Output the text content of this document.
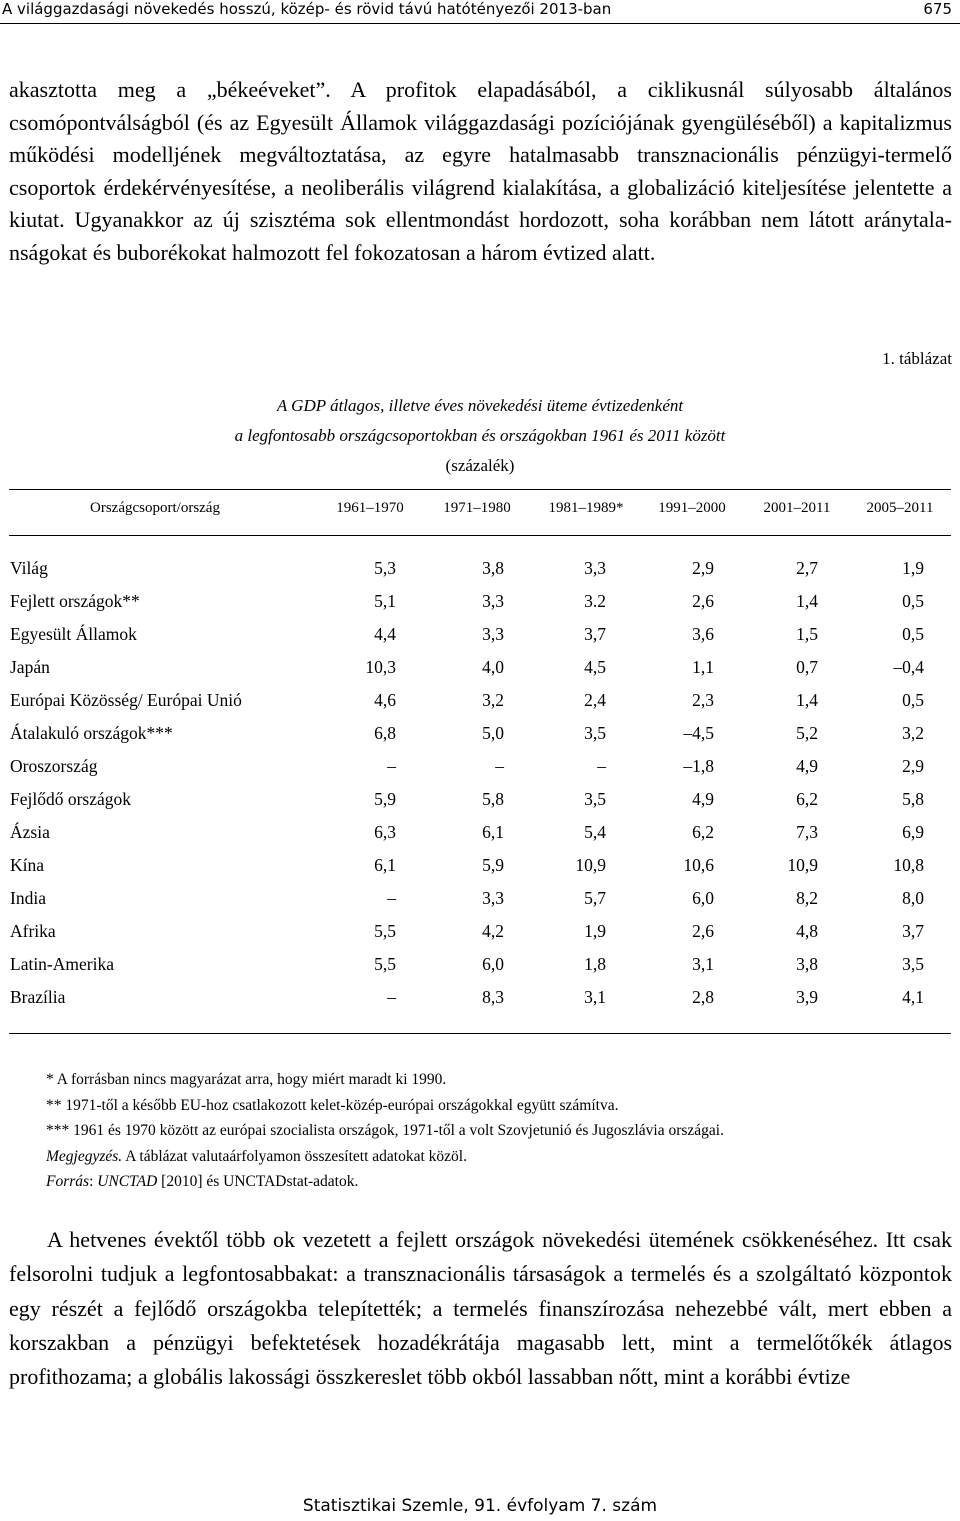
A világgazdasági növekedés hosszú, közép- és rövid távú hatótényezői 2013-ban	675

akasztotta meg a „békeéveket”. A profitok elapadásából, a ciklikusnál súlyosabb általános csomópontválságból (és az Egyesült Államok világgazdasági pozíciójának gyengüléséből) a kapitalizmus működési modelljének megváltoztatása, az egyre hatalmasabb transznacionális pénzügyi-termelő csoportok érdekérvényesítése, a neoliberális világrend kialakítása, a globalizáció kiteljesítése jelentette a kiutat. Ugyanakkor az új szisztéma sok ellentmondást hordozott, soha korábban nem látott aránytalanságokat és buborékokat halmozott fel fokozatosan a három évtized alatt.

1. táblázat
A GDP átlagos, illetve éves növekedési üteme évtizedenként
a legfontosabb országcsoportokban és országokban 1961 és 2011 között
(százalék)
Országcsoport/ország	1961–1970	1971–1980	1981–1989*	1991–2000	2001–2011	2005–2011
Világ	5,3	3,8	3,3	2,9	2,7	1,9
Fejlett országok**	5,1	3,3	3.2	2,6	1,4	0,5
Egyesült Államok	4,4	3,3	3,7	3,6	1,5	0,5
Japán	10,3	4,0	4,5	1,1	0,7	–0,4
Európai Közösség/ Európai Unió	4,6	3,2	2,4	2,3	1,4	0,5
Átalakuló országok***	6,8	5,0	3,5	–4,5	5,2	3,2
Oroszország	–	–	–	–1,8	4,9	2,9
Fejlődő országok	5,9	5,8	3,5	4,9	6,2	5,8
Ázsia	6,3	6,1	5,4	6,2	7,3	6,9
Kína	6,1	5,9	10,9	10,6	10,9	10,8
India	–	3,3	5,7	6,0	8,2	8,0
Afrika	5,5	4,2	1,9	2,6	4,8	3,7
Latin-Amerika	5,5	6,0	1,8	3,1	3,8	3,5
Brazília	–	8,3	3,1	2,8	3,9	4,1
* A forrásban nincs magyarázat arra, hogy miért maradt ki 1990.
** 1971-től a később EU-hoz csatlakozott kelet-közép-európai országokkal együtt számítva.
*** 1961 és 1970 között az európai szocialista országok, 1971-től a volt Szovjetunió és Jugoszlávia országai.
Megjegyzés. A táblázat valutaárfolyamon összesített adatokat közöl.
Forrás: UNCTAD [2010] és UNCTADstat-adatok.

A hetvenes évektől több ok vezetett a fejlett országok növekedési ütemének csökkenéséhez. Itt csak felsorolni tudjuk a legfontosabbakat: a transznacionális társaságok a termelés és a szolgáltató központok egy részét a fejlődő országokba telepítették; a termelés finanszírozása nehezebbé vált, mert ebben a korszakban a pénzügyi befektetések hozadékrátája magasabb lett, mint a termelőtőkék átlagos profithozama; a globális lakossági összkereslet több okból lassabban nőtt, mint a korábbi évtize

Statisztikai Szemle, 91. évfolyam 7. szám
